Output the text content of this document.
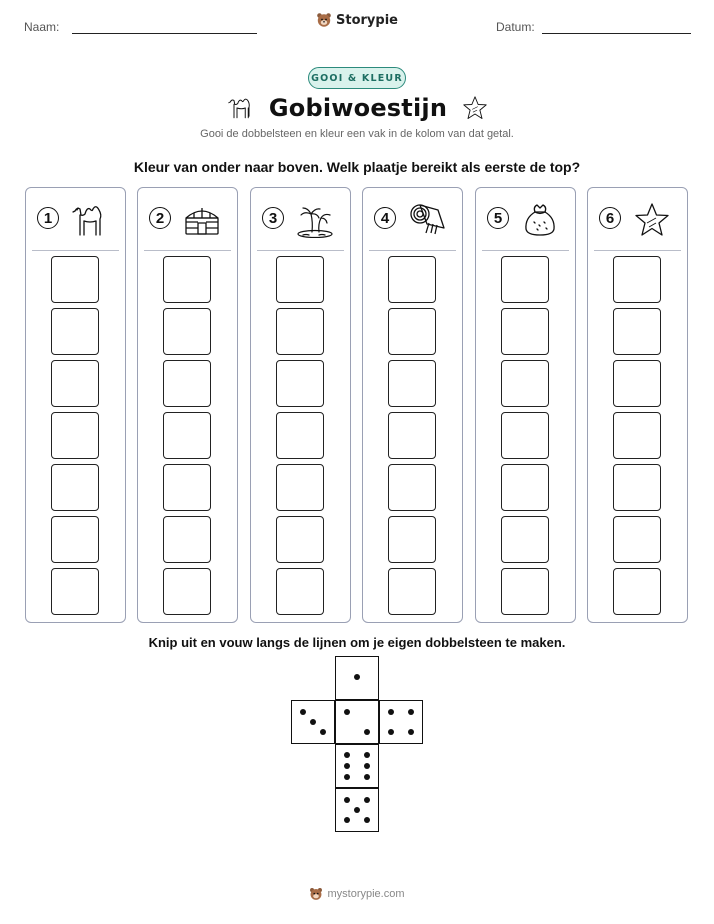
Naam:	Storypie	Datum:
GOOI & KLEUR
Gobiwoestijn
Gooi de dobbelsteen en kleur een vak in de kolom van dat getal.
Kleur van onder naar boven. Welk plaatje bereikt als eerste de top?
1	2	3	4	5	6
Knip uit en vouw langs de lijnen om je eigen dobbelsteen te maken.
mystorypie.com
